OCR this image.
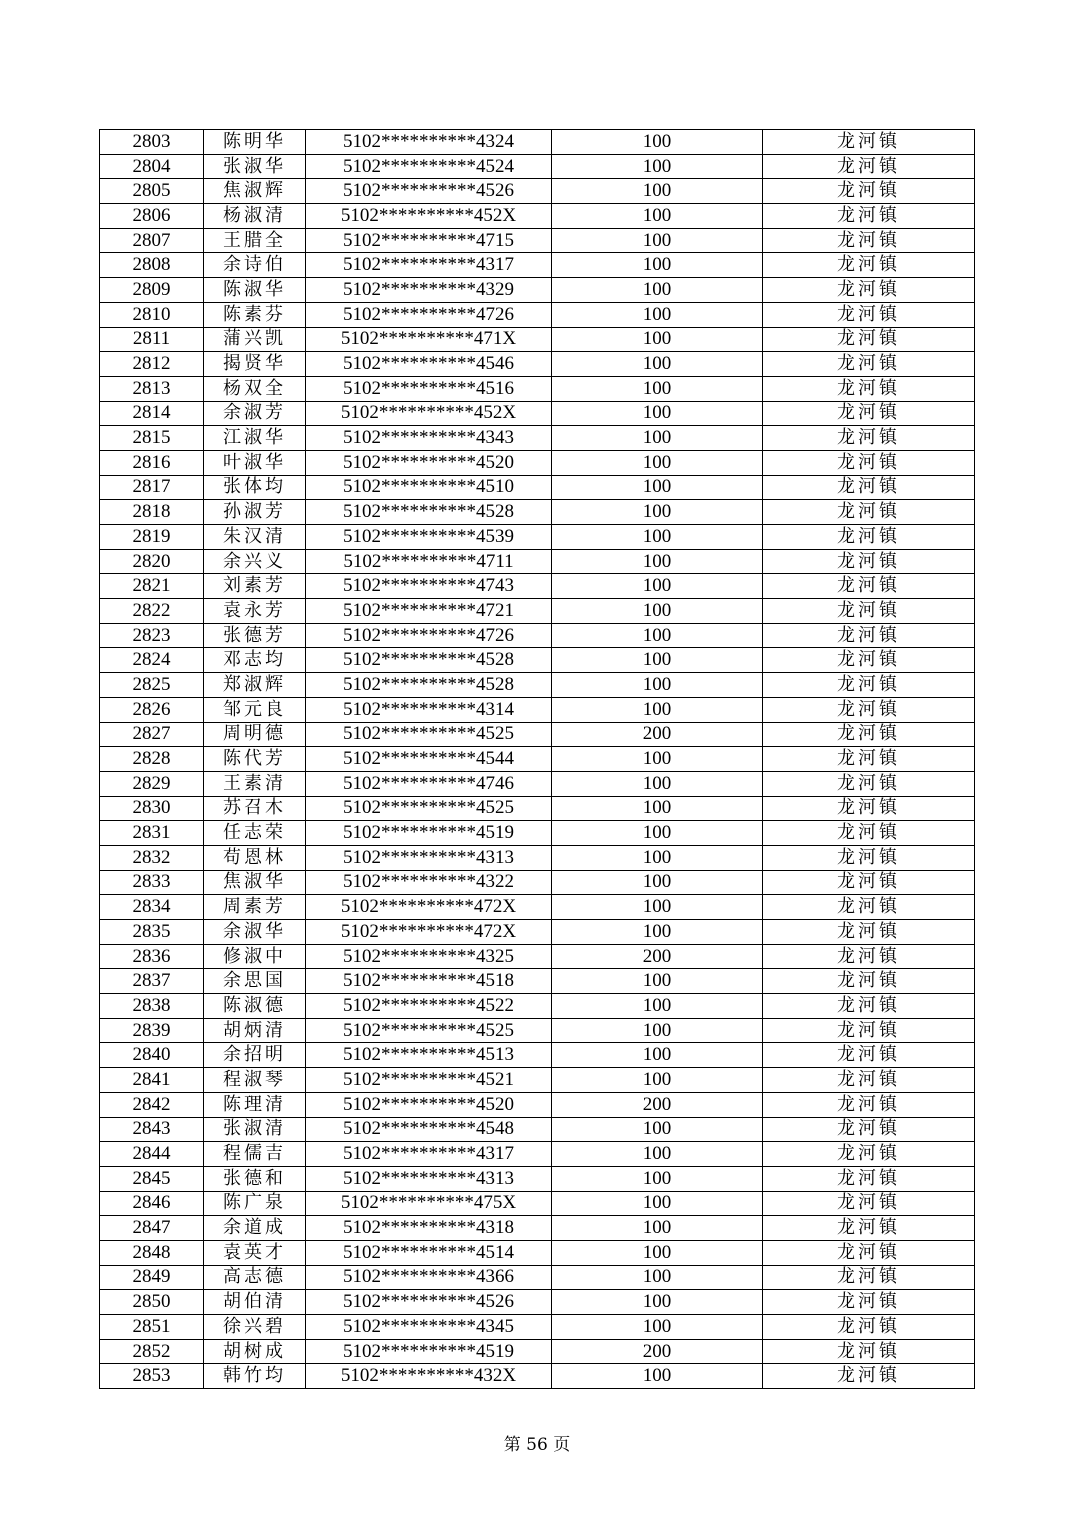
2803	陈明华	5102**********4324	100	龙河镇
2804	张淑华	5102**********4524	100	龙河镇
2805	焦淑辉	5102**********4526	100	龙河镇
2806	杨淑清	5102**********452X	100	龙河镇
2807	王腊全	5102**********4715	100	龙河镇
2808	余诗伯	5102**********4317	100	龙河镇
2809	陈淑华	5102**********4329	100	龙河镇
2810	陈素芬	5102**********4726	100	龙河镇
2811	蒲兴凯	5102**********471X	100	龙河镇
2812	揭贤华	5102**********4546	100	龙河镇
2813	杨双全	5102**********4516	100	龙河镇
2814	余淑芳	5102**********452X	100	龙河镇
2815	江淑华	5102**********4343	100	龙河镇
2816	叶淑华	5102**********4520	100	龙河镇
2817	张体均	5102**********4510	100	龙河镇
2818	孙淑芳	5102**********4528	100	龙河镇
2819	朱汉清	5102**********4539	100	龙河镇
2820	余兴义	5102**********4711	100	龙河镇
2821	刘素芳	5102**********4743	100	龙河镇
2822	袁永芳	5102**********4721	100	龙河镇
2823	张德芳	5102**********4726	100	龙河镇
2824	邓志均	5102**********4528	100	龙河镇
2825	郑淑辉	5102**********4528	100	龙河镇
2826	邹元良	5102**********4314	100	龙河镇
2827	周明德	5102**********4525	200	龙河镇
2828	陈代芳	5102**********4544	100	龙河镇
2829	王素清	5102**********4746	100	龙河镇
2830	苏召木	5102**********4525	100	龙河镇
2831	任志荣	5102**********4519	100	龙河镇
2832	苟恩林	5102**********4313	100	龙河镇
2833	焦淑华	5102**********4322	100	龙河镇
2834	周素芳	5102**********472X	100	龙河镇
2835	余淑华	5102**********472X	100	龙河镇
2836	修淑中	5102**********4325	200	龙河镇
2837	余思国	5102**********4518	100	龙河镇
2838	陈淑德	5102**********4522	100	龙河镇
2839	胡炳清	5102**********4525	100	龙河镇
2840	余招明	5102**********4513	100	龙河镇
2841	程淑琴	5102**********4521	100	龙河镇
2842	陈理清	5102**********4520	200	龙河镇
2843	张淑清	5102**********4548	100	龙河镇
2844	程儒吉	5102**********4317	100	龙河镇
2845	张德和	5102**********4313	100	龙河镇
2846	陈广泉	5102**********475X	100	龙河镇
2847	余道成	5102**********4318	100	龙河镇
2848	袁英才	5102**********4514	100	龙河镇
2849	高志德	5102**********4366	100	龙河镇
2850	胡伯清	5102**********4526	100	龙河镇
2851	徐兴碧	5102**********4345	100	龙河镇
2852	胡树成	5102**********4519	200	龙河镇
2853	韩竹均	5102**********432X	100	龙河镇
第 56 页
